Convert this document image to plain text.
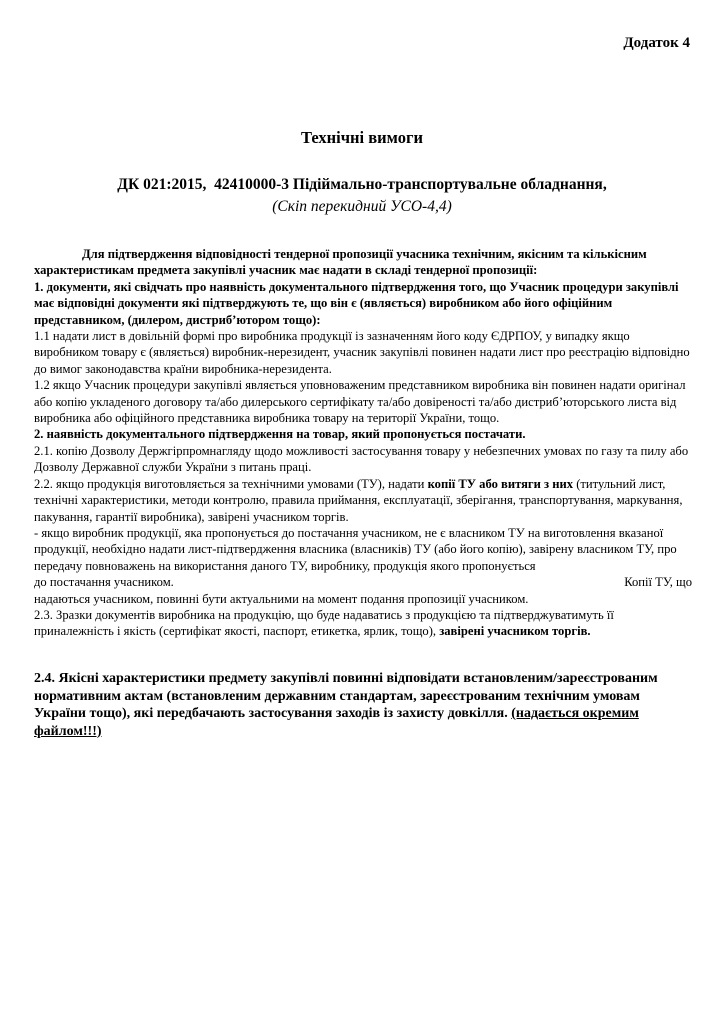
Додаток 4
Технічні вимоги
ДК 021:2015,  42410000-3 Підіймально-транспортувальне обладнання,
(Скіп перекидний УСО-4,4)

Для підтвердження відповідності тендерної пропозиції учасника технічним, якісним та кількісним характеристикам предмета закупівлі учасник має надати в складі тендерної пропозиції:

1. документи, які свідчать про наявність документального підтвердження того, що Учасник процедури закупівлі має відповідні документи які підтверджують те, що він є (являється) виробником або його офіційним представником, (дилером, дистриб’ютором тощо):

1.1 надати лист в довільній формі про виробника продукції із зазначенням його коду ЄДРПОУ, у випадку якщо виробником товару є (являється) виробник-нерезидент, учасник закупівлі повинен надати лист про реєстрацію відповідно до вимог законодавства країни виробника-нерезидента.

1.2 якщо Учасник процедури закупівлі являється уповноваженим представником виробника він повинен надати оригінал або копію укладеного договору та/або дилерського сертифікату та/або довіреності та/або дистриб’юторського листа від виробника або офіційного представника виробника товару на території України, тощо.

2. наявність документального підтвердження на товар, який пропонується постачати.

2.1. копію Дозволу Держгірпромнагляду щодо можливості застосування товару у небезпечних умовах по газу та пилу або Дозволу Державної служби України з питань праці.

2.2. якщо продукція виготовляється за технічними умовами (ТУ), надати копії ТУ або витяги з них (титульний лист, технічні характеристики, методи контролю, правила приймання, експлуатації, зберігання, транспортування, маркування, пакування, гарантії виробника), завірені учасником торгів.

- якщо виробник продукції, яка пропонується до постачання учасником, не є власником ТУ на виготовлення вказаної продукції, необхідно надати лист-підтвердження власника (власників) ТУ (або його копію), завірену власником ТУ, про передачу повноважень на використання даного ТУ, виробнику, продукція якого пропонується

до постачання учасником.	Копії ТУ, що

надаються учасником, повинні бути актуальними на момент подання пропозиції учасником.

2.3. Зразки документів виробника на продукцію, що буде надаватись з продукцією та підтверджуватимуть її приналежність і якість (сертифікат якості, паспорт, етикетка, ярлик, тощо), завірені учасником торгів.

2.4. Якісні характеристики предмету закупівлі повинні відповідати встановленим/зареєстрованим нормативним актам (встановленим державним стандартам, зареєстрованим технічним умовам України тощо), які передбачають застосування заходів із захисту довкілля. (надається окремим файлом!!!)
